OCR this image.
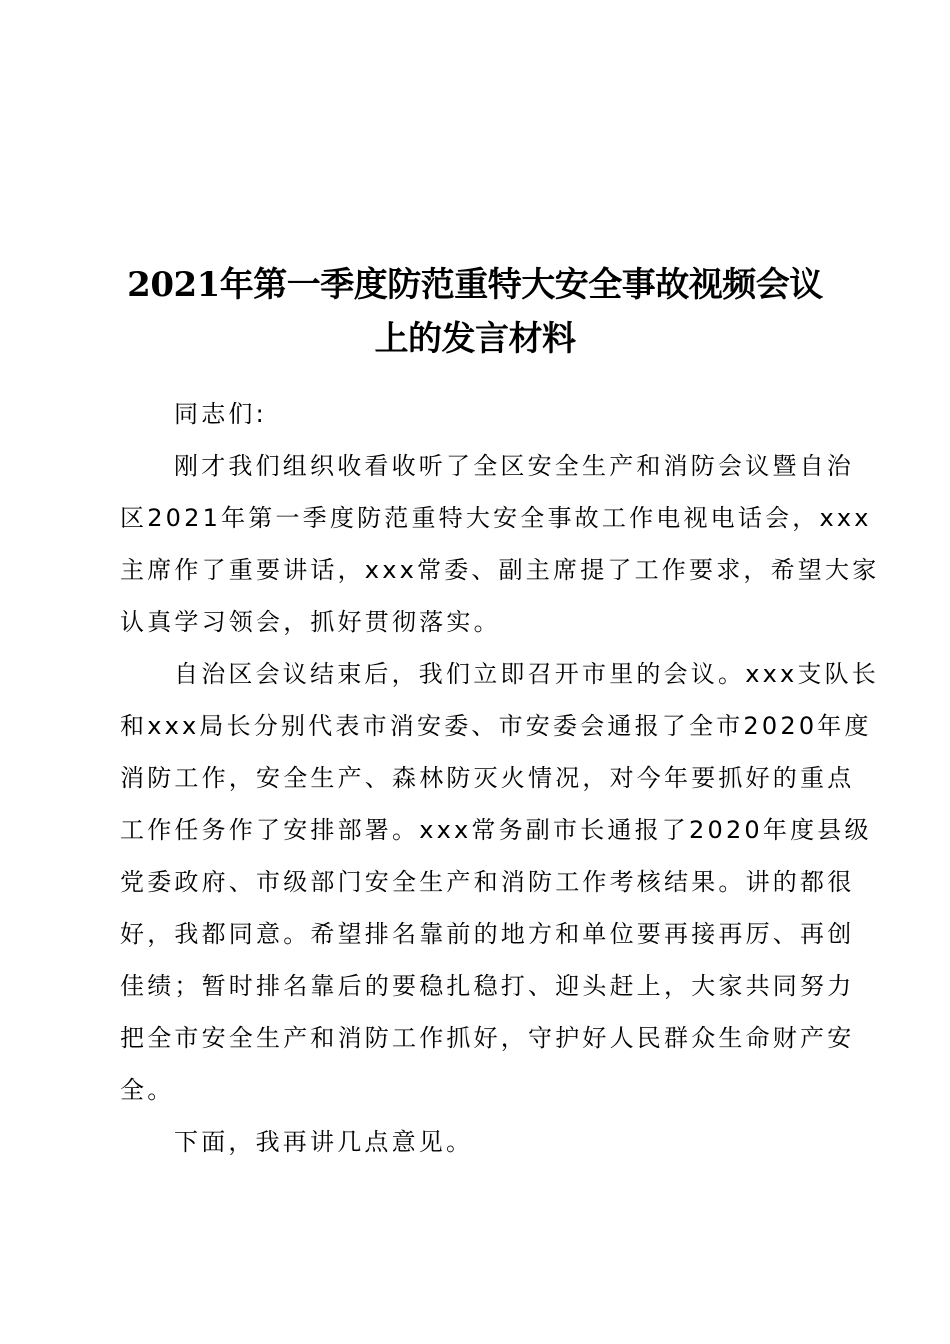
2021年第一季度防范重特大安全事故视频会议
上的发言材料
同志们:
刚才我们组织收看收听了全区安全生产和消防会议暨自治
区2021年第一季度防范重特大安全事故工作电视电话会，xxx
主席作了重要讲话，xxx常委、副主席提了工作要求，希望大家
认真学习领会，抓好贯彻落实。
自治区会议结束后，我们立即召开市里的会议。xxx支队长
和xxx局长分别代表市消安委、市安委会通报了全市2020年度
消防工作，安全生产、森林防灭火情况，对今年要抓好的重点
工作任务作了安排部署。xxx常务副市长通报了2020年度县级
党委政府、市级部门安全生产和消防工作考核结果。讲的都很
好，我都同意。希望排名靠前的地方和单位要再接再厉、再创
佳绩；暂时排名靠后的要稳扎稳打、迎头赶上，大家共同努力
把全市安全生产和消防工作抓好，守护好人民群众生命财产安
全。
下面，我再讲几点意见。
